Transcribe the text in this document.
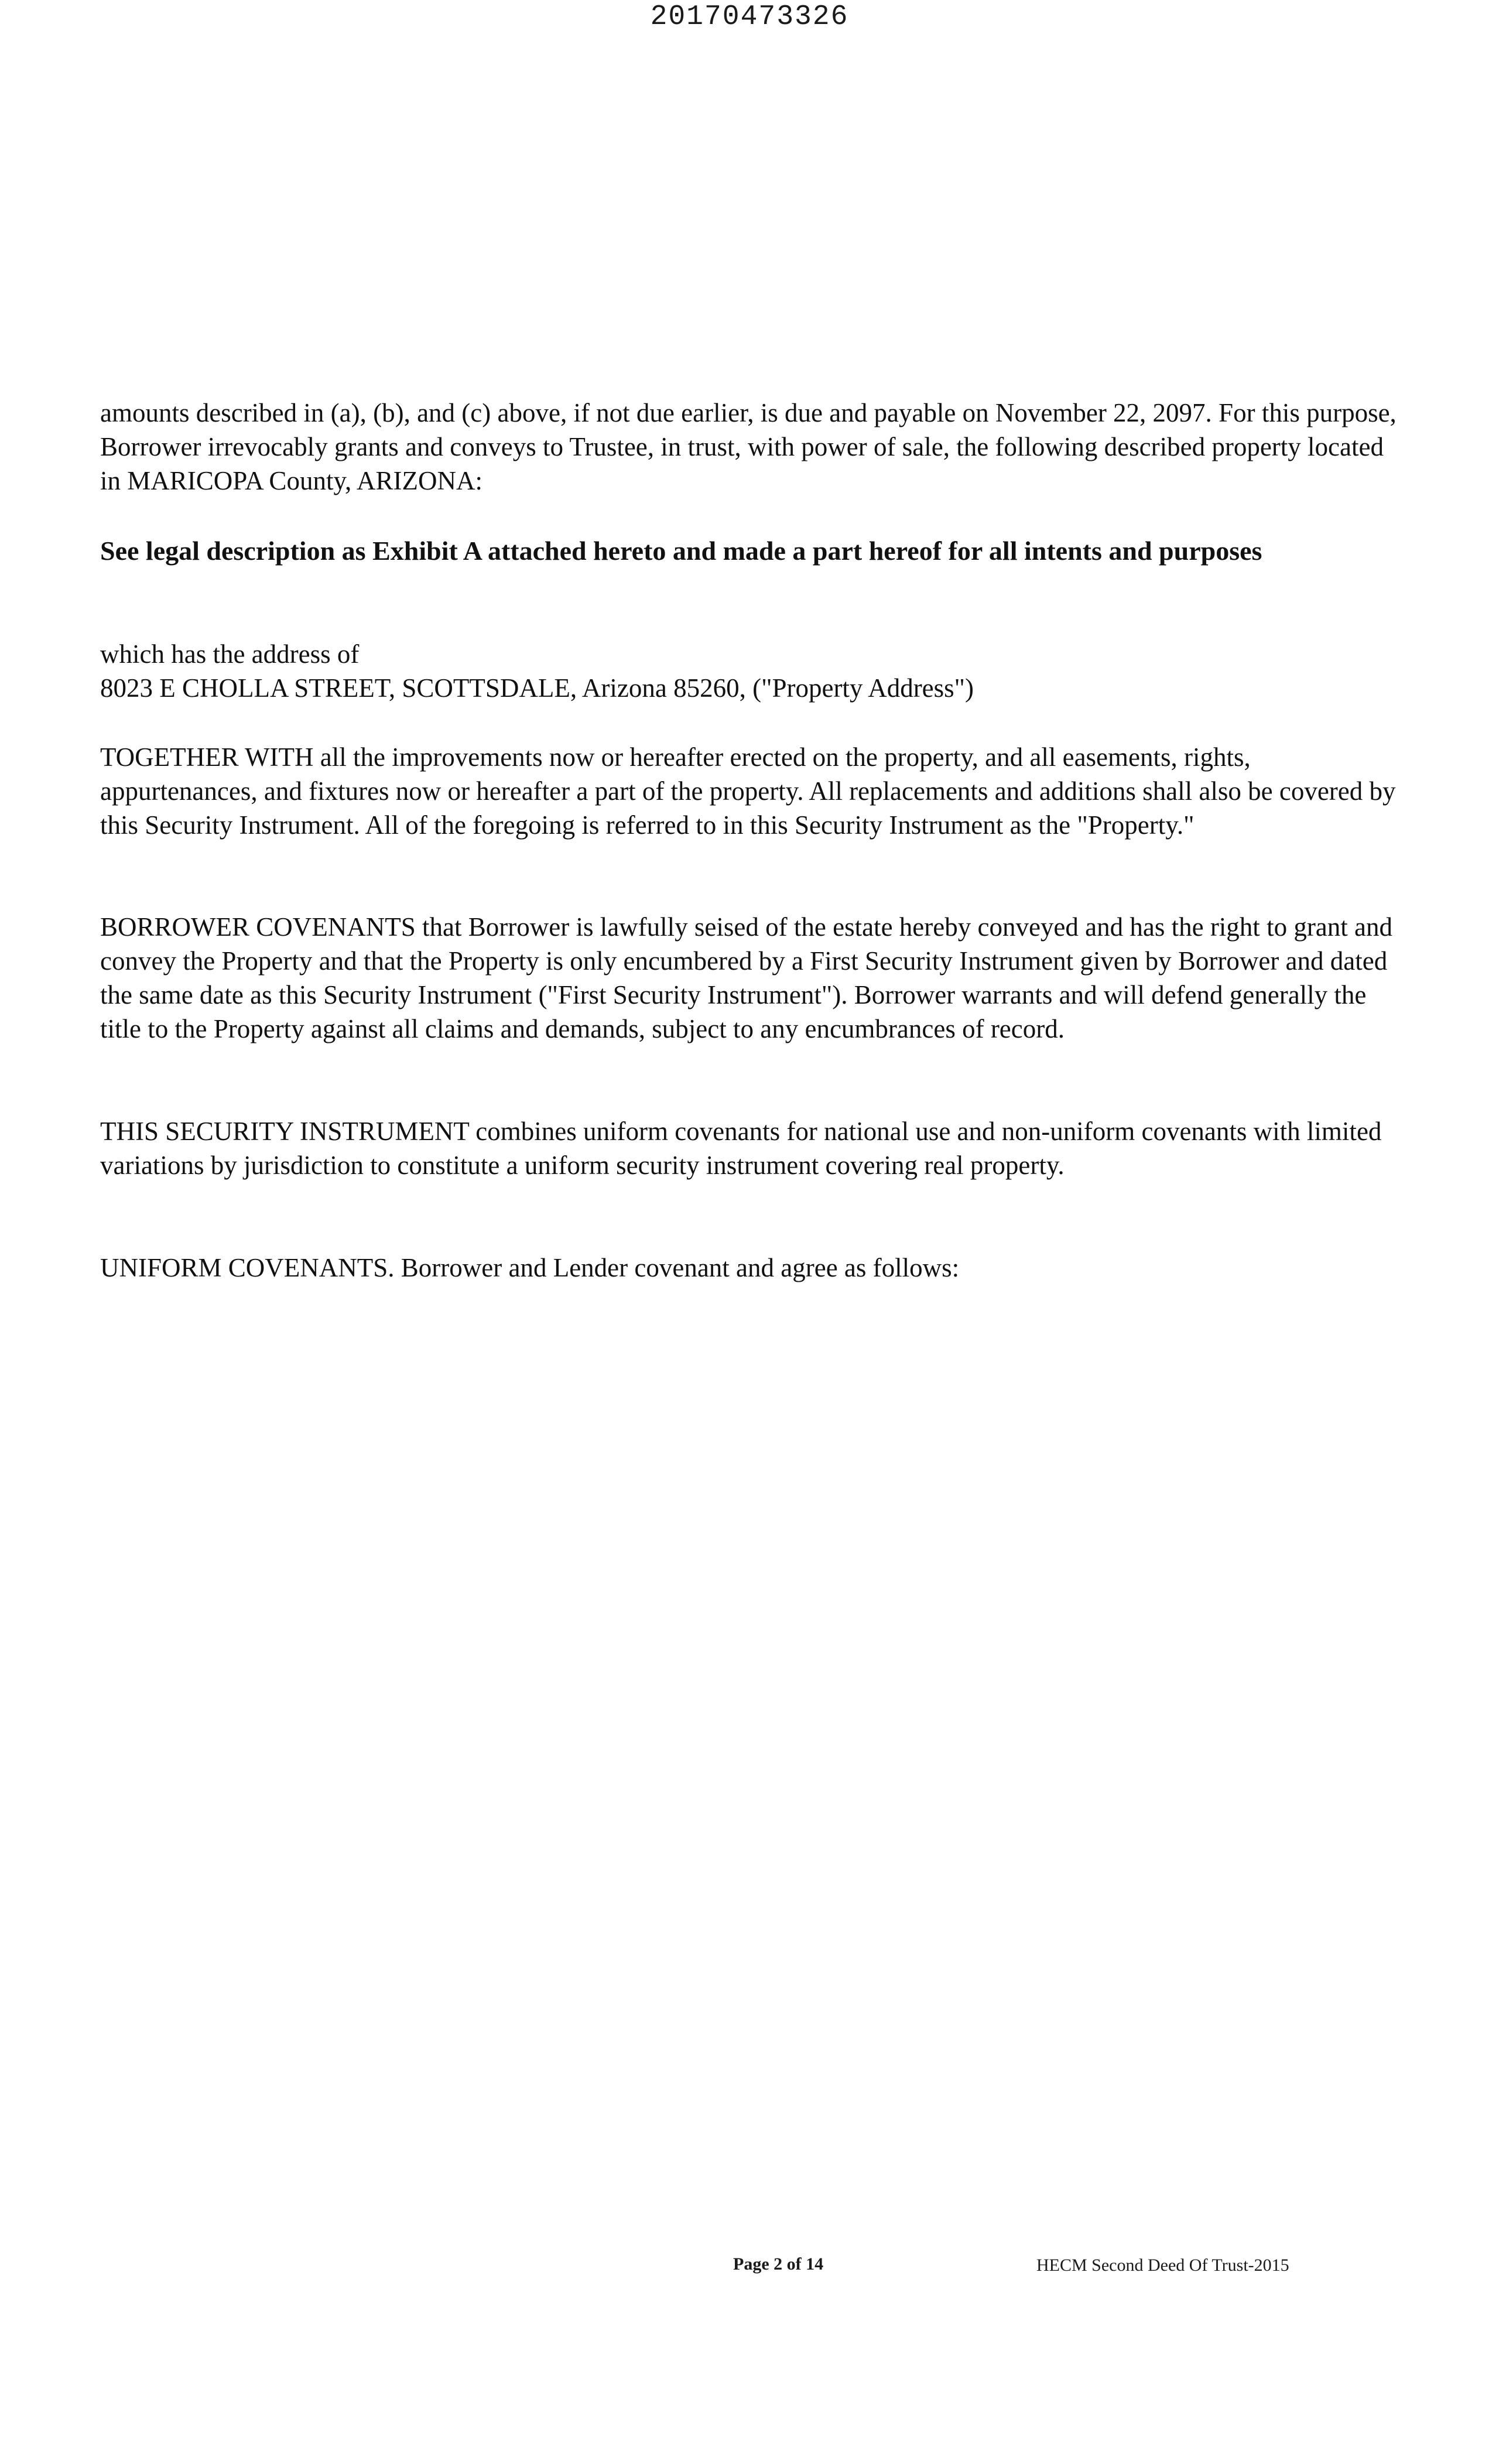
20170473326

amounts described in (a), (b), and (c) above, if not due earlier, is due and payable on November 22, 2097. For this purpose, Borrower irrevocably grants and conveys to Trustee, in trust, with power of sale, the following described property located in MARICOPA County, ARIZONA:

See legal description as Exhibit A attached hereto and made a part hereof for all intents and purposes

which has the address of
8023 E CHOLLA STREET, SCOTTSDALE, Arizona 85260, ("Property Address")

TOGETHER WITH all the improvements now or hereafter erected on the property, and all easements, rights, appurtenances, and fixtures now or hereafter a part of the property. All replacements and additions shall also be covered by this Security Instrument. All of the foregoing is referred to in this Security Instrument as the "Property."

BORROWER COVENANTS that Borrower is lawfully seised of the estate hereby conveyed and has the right to grant and convey the Property and that the Property is only encumbered by a First Security Instrument given by Borrower and dated the same date as this Security Instrument ("First Security Instrument"). Borrower warrants and will defend generally the title to the Property against all claims and demands, subject to any encumbrances of record.

THIS SECURITY INSTRUMENT combines uniform covenants for national use and non-uniform covenants with limited variations by jurisdiction to constitute a uniform security instrument covering real property.

UNIFORM COVENANTS. Borrower and Lender covenant and agree as follows:

Page 2 of 14	HECM Second Deed Of Trust-2015
